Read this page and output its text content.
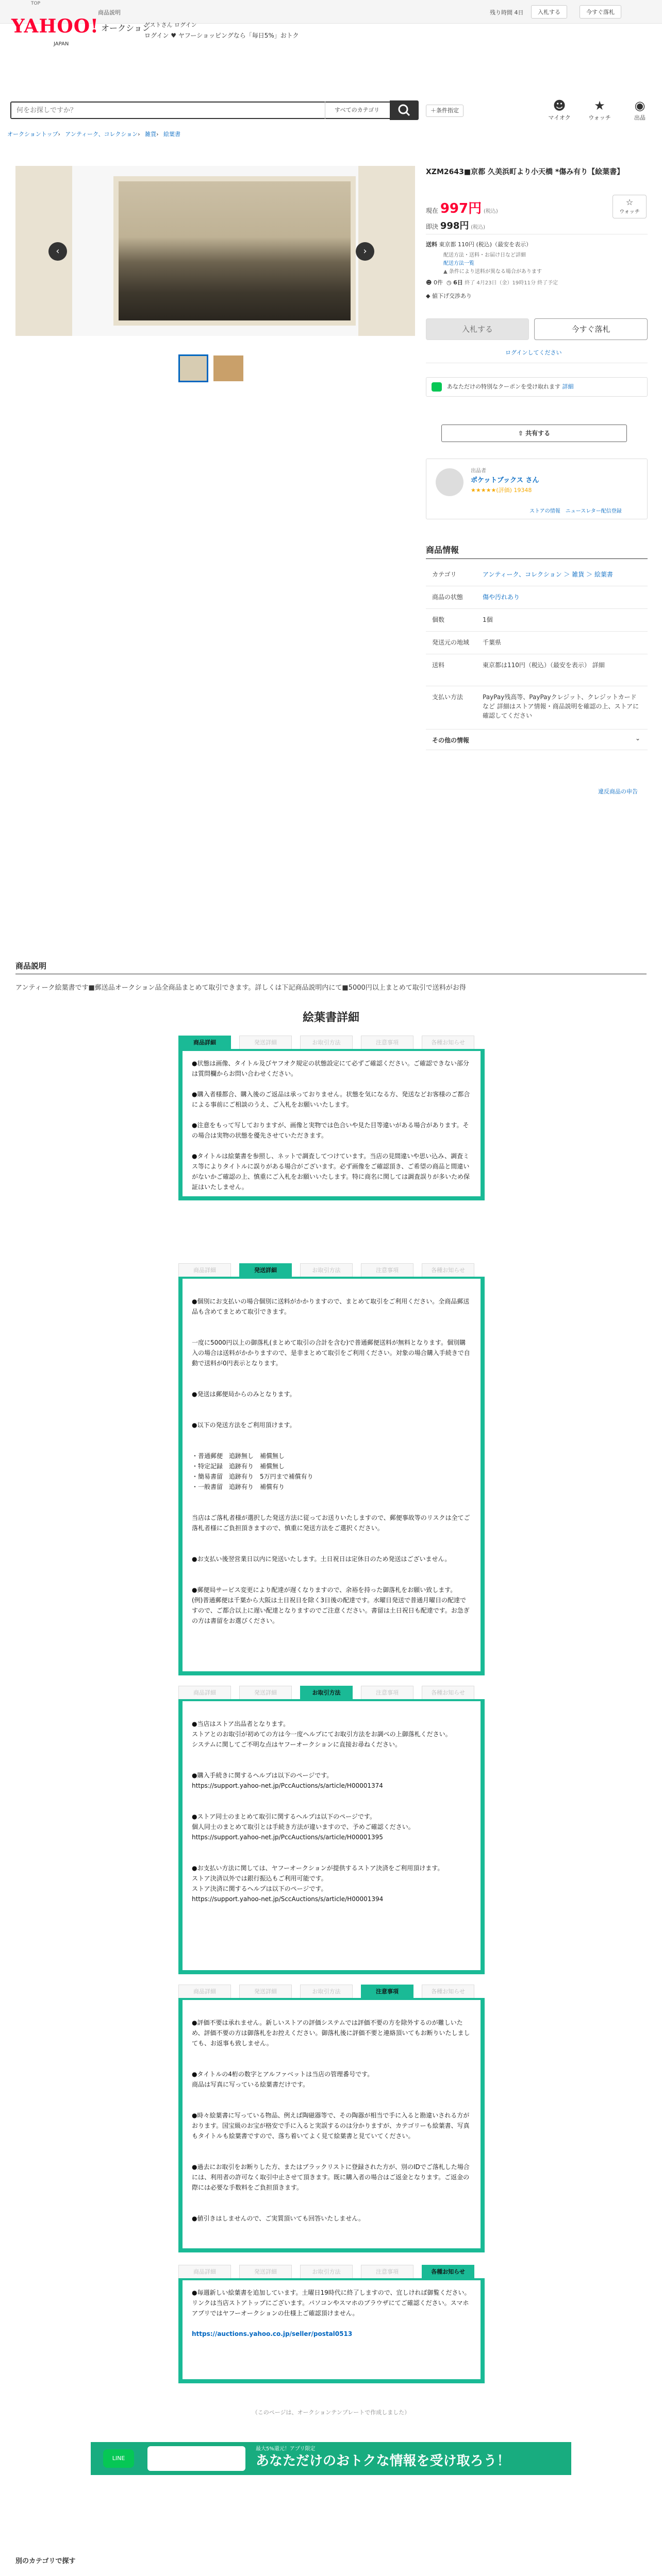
TOP
商品説明	残り時間 4日	入札する	今すぐ落札
YAHOO! オークション
JAPAN
ゲストさん ログイン
ログイン ♥ ヤフーショッピングなら「毎日5%」おトク
何をお探しですか？
すべてのカテゴリ	＋条件指定	☻
マイオク
★
ウォッチ
◉
出品
オークショントップ› アンティーク、コレクション› 雑貨› 絵葉書
‹	›
XZM2643■京都 久美浜町より小天橋 *傷み有り【絵葉書】
☆
ウォッチ
現在 997円 (税込)
即決 998円 (税込)
送料 東京都 110円 (税込)（最安を表示）
配送方法・送料・お届け日など詳細
配送方法一覧
▲ 条件により送料が異なる場合があります
☻ 0件 ◷ 6日 終了 4月23日（金）19時11分 終了予定
◆ 値下げ交渉あり
入札する	今すぐ落札
ログインしてください
あなただけの特別なクーポンを受け取れます 詳細
⇧ 共有する
出品者
ポケットブックス さん
★★★★★(評価) 19348
ストアの情報　ニュースレター配信登録
商品情報
カテゴリ	アンティーク、コレクション ＞ 雑貨 ＞ 絵葉書
商品の状態	傷や汚れあり
個数	1個
発送元の地域 千葉県
送料	東京都は110円（税込）（最安を表示） 詳細
支払い方法	PayPay残高等、PayPayクレジット、クレジットカードなど 詳細はストア情報・商品説明を確認の上、ストアに確認してください
その他の情報	⌄
違反商品の申告
商品説明
アンティーク絵葉書です■郵送品オークション品全商品まとめて取引できます。詳しくは下記商品説明内にて■5000円以上まとめて取引で送料がお得
絵葉書詳細
商品詳細	発送詳細	お取引方法	注意事項	各種お知らせ

●状態は画像、タイトル及びヤフオク規定の状態設定にて必ずご確認ください。ご確認できない部分は質問欄からお問い合わせください。

●購入者様都合、購入後のご返品は承っておりません。状態を気になる方、発送などお客様のご都合による事前にご相談のうえ、ご入札をお願いいたします。

●注意をもって写しておりますが、画像と実物では色合いや見た目等違いがある場合があります。その場合は実物の状態を優先させていただきます。

●タイトルは絵葉書を参照し、ネットで調査してつけています。当店の見間違いや思い込み、調査ミス等によりタイトルに誤りがある場合がございます。必ず画像をご確認頂き、ご希望の商品と間違いがないかご確認の上、慎重にご入札をお願いいたします。特に商名に関しては調査誤りが多いため保証はいたしません。

商品詳細	発送詳細	お取引方法	注意事項	各種お知らせ

●個別にお支払いの場合個別に送料がかかりますので、まとめて取引をご利用ください。全商品郵送品も含めてまとめて取引できます。

一度に5000円以上の御落札(まとめて取引の合計を含む)で普通郵便送料が無料となります。個別購入の場合は送料がかかりますので、是非まとめて取引をご利用ください。対象の場合購入手続きで自動で送料が0円表示となります。

●発送は郵便局からのみとなります。

●以下の発送方法をご利用頂けます。

・普通郵便　追跡無し　補償無し
・特定記録　追跡有り　補償無し
・簡易書留　追跡有り　5万円まで補償有り
・一般書留　追跡有り　補償有り

当店はご落札者様が選択した発送方法に従ってお送りいたしますので、郵便事故等のリスクは全てご落札者様にご負担頂きますので、慎重に発送方法をご選択ください。

●お支払い後翌営業日以内に発送いたします。土日祝日は定休日のため発送はございません。

●郵便局サービス変更により配達が遅くなりますので、余裕を持った御落札をお願い致します。
(例)普通郵便は千葉から大阪は土日祝日を除く3日後の配達です。水曜日発送で普通月曜日の配達ですので、ご都合以上に遅い配達となりますのでご注意ください。書留は土日祝日も配達です。お急ぎの方は書留をお選びください。

商品詳細	発送詳細	お取引方法	注意事項	各種お知らせ

●当店はストア出品者となります。
ストアとのお取引が初めての方は今一度ヘルプにてお取引方法をお調べの上御落札ください。
システムに関してご不明な点はヤフーオークションに直接お尋ねください。

●購入手続きに関するヘルプは以下のページです。
https://support.yahoo-net.jp/PccAuctions/s/article/H00001374

●ストア同士のまとめて取引に関するヘルプは以下のページです。
個人同士のまとめて取引とは手続き方法が違いますので、予めご確認ください。
https://support.yahoo-net.jp/PccAuctions/s/article/H00001395

●お支払い方法に関しては、ヤフーオークションが提供するストア決済をご利用頂けます。
ストア決済以外では銀行振込もご利用可能です。
ストア決済に関するヘルプは以下のページです。
https://support.yahoo-net.jp/SccAuctions/s/article/H00001394

商品詳細	発送詳細	お取引方法	注意事項	各種お知らせ

●評価不要は承れません。新しいストアの評価システムでは評価不要の方を除外するのが難しいため、評価不要の方は御落札をお控えください。御落札後に評価不要と連絡頂いてもお断りいたしましても、お返事も致しません。

●タイトルの4桁の数字とアルファベットは当店の管理番号です。
商品は写真に写っている絵葉書だけです。

●時々絵葉書に写っている物品、例えば陶磁器等で、その陶器が相当で手に入ると勘違いされる方がおります。国宝級のお宝が格安で手に入ると実誤するのは分かりますが、カテゴリーも絵葉書、写真もタイトルも絵葉書ですので、落ち着いてよく見て絵葉書と見ていてください。

●過去にお取引をお断りした方、またはブラックリストに登録された方が、別のIDでご落札した場合には、利用者の許可なく取引中止させて頂きます。既に購入者の場合はご返金となります。ご返金の際には必要な手数料をご負担頂きます。

●値引きはしませんので、ご実質頂いても回答いたしません。

商品詳細	発送詳細	お取引方法	注意事項	各種お知らせ

●毎週新しい絵葉書を追加しています。土曜日19時代に終了しますので、宜しければ御覧ください。リンクは当店ストアトップにございます。パソコンやスマホのブラウザにてご確認ください。スマホアプリではヤフーオークションの仕様上ご確認頂けません。

https://auctions.yahoo.co.jp/seller/postal0513

（このページは、オークションテンプレートで作成しました）
LINE
最大5%還元！アプリ限定
あなただけのおトクな情報を受け取ろう！
別のカテゴリで探す
